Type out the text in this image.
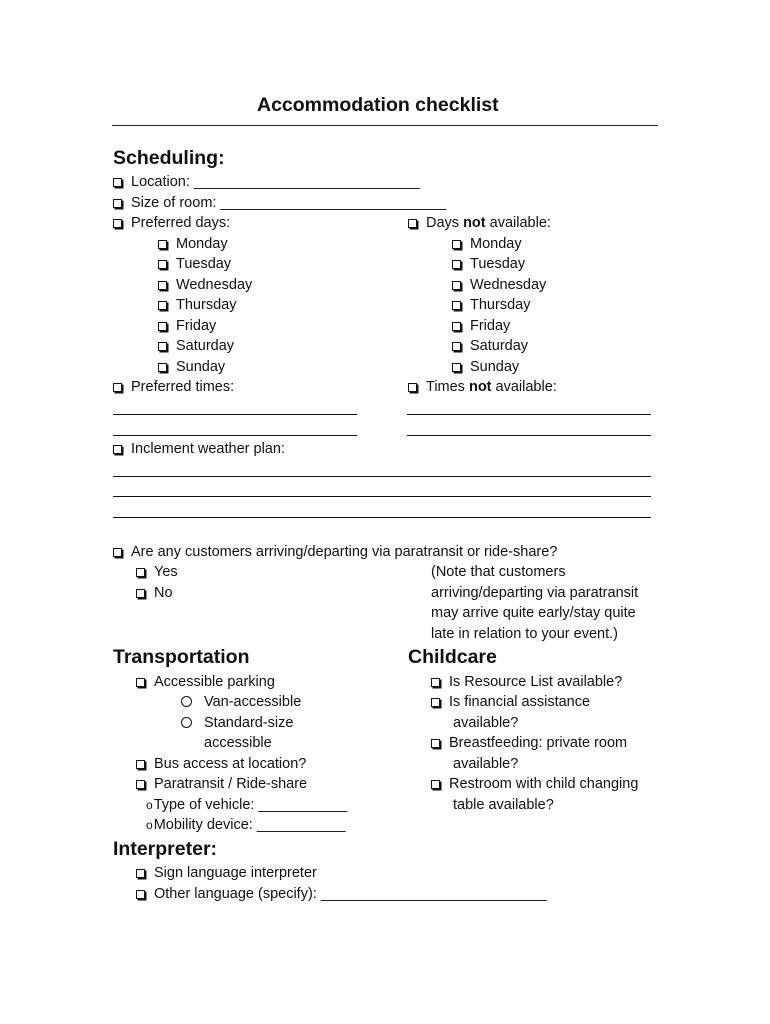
Accommodation checklist
Scheduling:
Location: ____________________________
Size of room: ____________________________
Preferred days:	Days not available:
Monday
Tuesday
Wednesday
Thursday
Friday
Saturday
Sunday
Monday
Tuesday
Wednesday
Thursday
Friday
Saturday
Sunday
Preferred times:	Times not available:
Inclement weather plan:
Are any customers arriving/departing via paratransit or ride-share?
Yes
No
(Note that customers
arriving/departing via paratransit
may arrive quite early/stay quite
late in relation to your event.)
Transportation
Accessible parking
Van-accessible
Standard-size
accessible
Bus access at location?
Paratransit / Ride-share
oType of vehicle: ___________
oMobility device: ___________
Childcare
Is Resource List available?
Is financial assistance
available?
Breastfeeding: private room
available?
Restroom with child changing
table available?
Interpreter:
Sign language interpreter
Other language (specify): ____________________________
